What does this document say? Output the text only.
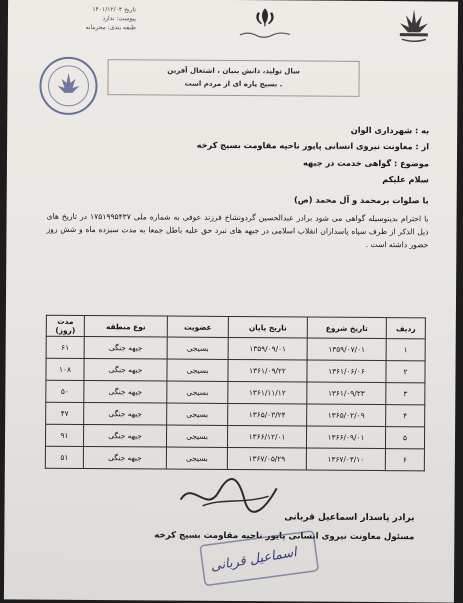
تاریخ ۱۴۰۱/۱۲/۰۴
پیوست: ندارد
طبقه بندی: محرمانه
سال تولید، دانش بنیان ، اشتغال آفرین
بسیج پاره ای از مردم است .
به : شهرداری الوان
از : معاونت نیروی انسانی پایور ناحیه مقاومت بسیج کرخه
موضوع : گواهی خدمت در جبهه
سلام علیکم
با صلوات برمحمد و آل محمد (ص)
با احترام بدینوسیله گواهی می شود برادر عبدالحسین گردونشاخ فرزند عوفی به شماره ملی ۱۷۵۱۹۹۵۴۳۷ در تاریخ های ذیل الذکر از طرف سپاه پاسداران انقلاب اسلامی در جبهه های نبرد حق علیه باطل جمعا به مدت سیزده ماه و شش روز حضور داشته است .
ردیف	تاریخ شروع	تاریخ پایان	عضویت	نوع منطقه	مدت (روز)
۱	۱۳۵۹/۰۷/۰۱	۱۳۵۹/۰۹/۰۱	بسیجی	جبهه جنگی	۶۱
۲	۱۳۶۱/۰۶/۰۶	۱۳۶۱/۰۹/۲۲	بسیجی	جبهه جنگی	۱۰۸
۳	۱۳۶۱/۰۹/۲۳	۱۳۶۱/۱۱/۱۲	بسیجی	جبهه جنگی	۵۰
۴	۱۳۶۵/۰۲/۰۹	۱۳۶۵/۰۳/۲۴	بسیجی	جبهه جنگی	۴۷
۵	۱۳۶۶/۰۹/۰۱	۱۳۶۶/۱۲/۰۱	بسیجی	جبهه جنگی	۹۱
۶	۱۳۶۷/۰۴/۱۰	۱۳۶۷/۰۵/۲۹	بسیجی	جبهه جنگی	۵۱
برادر پاسدار اسماعیل قربانی
مسئول معاونت نیروی انسانی پایور ناحیه مقاومت بسیج کرخه
اسماعیل قربانی
